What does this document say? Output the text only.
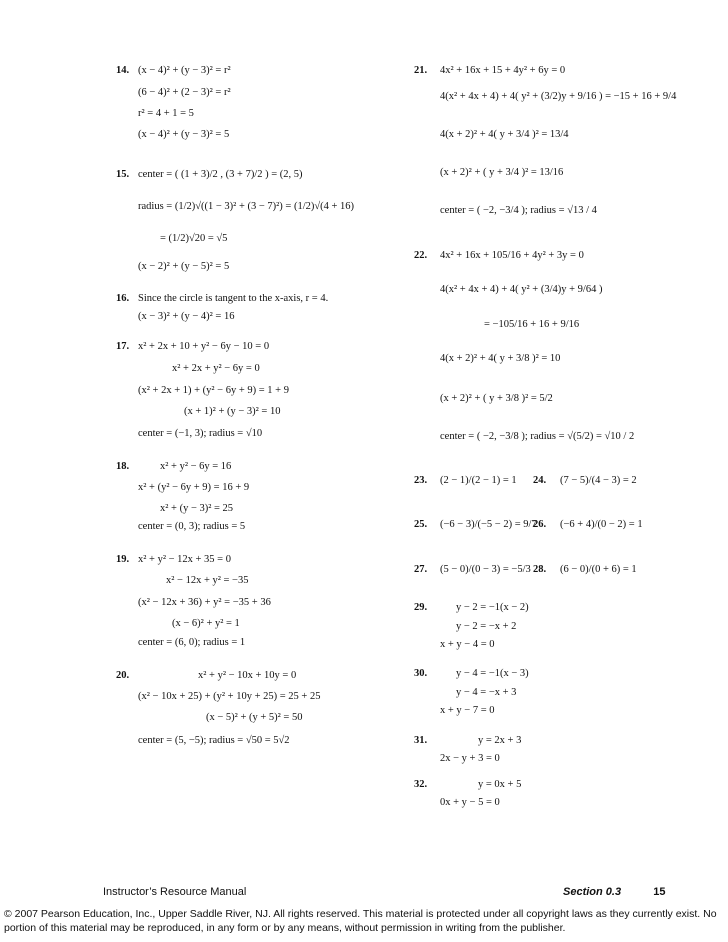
14. (x − 4)² + (y − 3)² = r²
(6 − 4)² + (2 − 3)² = r²
r² = 4 + 1 = 5
(x − 4)² + (y − 3)² = 5
15. center = ( (1 + 3)/2 , (3 + 7)/2 ) = (2, 5)
radius = (1/2)√((1 − 3)² + (3 − 7)²) = (1/2)√(4 + 16)
= (1/2)√20 = √5
(x − 2)² + (y − 5)² = 5
16. Since the circle is tangent to the x-axis, r = 4.
(x − 3)² + (y − 4)² = 16
17. x² + 2x + 10 + y² − 6y − 10 = 0
x² + 2x + y² − 6y = 0
(x² + 2x + 1) + (y² − 6y + 9) = 1 + 9
(x + 1)² + (y − 3)² = 10
center = (−1, 3); radius = √10
18.	x² + y² − 6y = 16
x² + (y² − 6y + 9) = 16 + 9
x² + (y − 3)² = 25
center = (0, 3); radius = 5
19. x² + y² − 12x + 35 = 0
x² − 12x + y² = −35
(x² − 12x + 36) + y² = −35 + 36
(x − 6)² + y² = 1
center = (6, 0); radius = 1
20.	x² + y² − 10x + 10y = 0
(x² − 10x + 25) + (y² + 10y + 25) = 25 + 25
(x − 5)² + (y + 5)² = 50
center = (5, −5); radius = √50 = 5√2
21. 4x² + 16x + 15 + 4y² + 6y = 0
4(x² + 4x + 4) + 4( y² + (3/2)y + 9/16 ) = −15 + 16 + 9/4
4(x + 2)² + 4( y + 3/4 )² = 13/4
(x + 2)² + ( y + 3/4 )² = 13/16
center = ( −2, −3/4 ); radius = √13 / 4
22. 4x² + 16x + 105/16 + 4y² + 3y = 0
4(x² + 4x + 4) + 4( y² + (3/4)y + 9/64 )
= −105/16 + 16 + 9/16
4(x + 2)² + 4( y + 3/8 )² = 10
(x + 2)² + ( y + 3/8 )² = 5/2
center = ( −2, −3/8 ); radius = √(5/2) = √10 / 2
23. (2 − 1)/(2 − 1) = 1 24. (7 − 5)/(4 − 3) = 2
25. (−6 − 3)/(−5 − 2) = 9/7
26. (−6 + 4)/(0 − 2) = 1
27. (5 − 0)/(0 − 3) = −5/3 28. (6 − 0)/(0 + 6) = 1
29.	y − 2 = −1(x − 2)
y − 2 = −x + 2
x + y − 4 = 0
30.	y − 4 = −1(x − 3)
y − 4 = −x + 3
x + y − 7 = 0
31.	y = 2x + 3
2x − y + 3 = 0
32.	y = 0x + 5
0x + y − 5 = 0
Instructor’s Resource Manual	Section 0.3	15
© 2007 Pearson Education, Inc., Upper Saddle River, NJ. All rights reserved. This material is protected under all copyright laws as they currently exist. No portion of this material may be reproduced, in any form or by any means, without permission in writing from the publisher.
